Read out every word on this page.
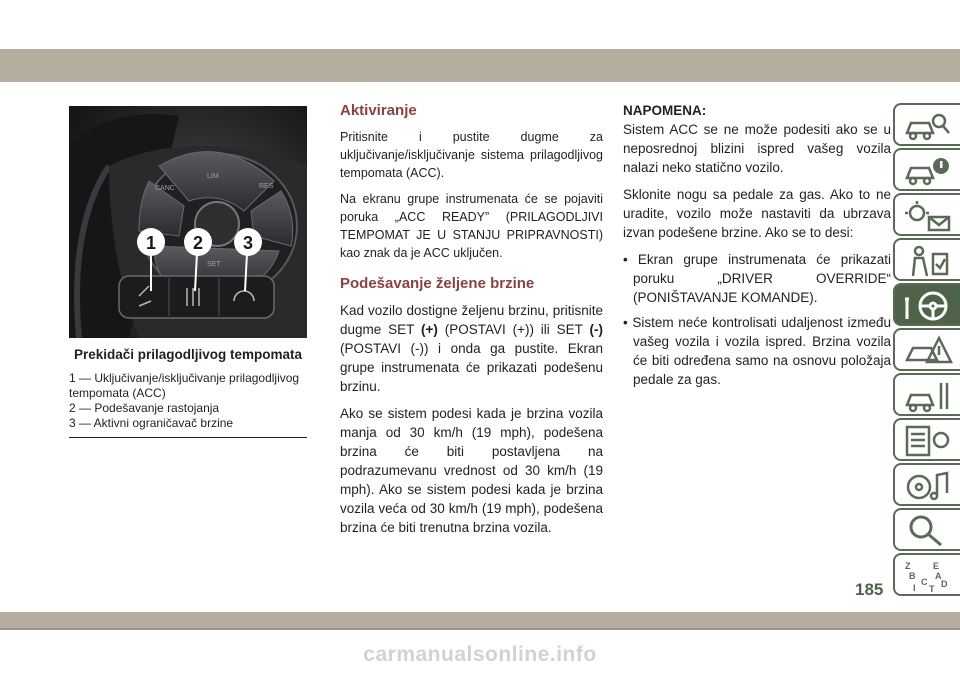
CANC	RES
LIM
SET
1 2 3
Prekidači prilagodljivog tempomata
1 — Uključivanje/isključivanje prilagodljivog tempomata (ACC)
2 — Podešavanje rastojanja
3 — Aktivni ograničavač brzine
Aktiviranje

Pritisnite i pustite dugme za uključivanje/isključivanje sistema prilagodljivog tempomata (ACC).

Na ekranu grupe instrumenata će se pojaviti poruka „ACC READY” (PRILAGODLJIVI TEMPOMAT JE U STANJU PRIPRAVNOSTI) kao znak da je ACC uključen.

Podešavanje željene brzine

Kad vozilo dostigne željenu brzinu, pritisnite dugme SET (+) (POSTAVI (+)) ili SET (-) (POSTAVI (-)) i onda ga pustite. Ekran grupe instrumenata će prikazati podešenu brzinu.

Ako se sistem podesi kada je brzina vozila manja od 30 km/h (19 mph), podešena brzina će biti postavljena na podrazumevanu vrednost od 30 km/h (19 mph). Ako se sistem podesi kada je brzina vozila veća od 30 km/h (19 mph), podešena brzina će biti trenutna brzina vozila.

NAPOMENA:

Sistem ACC se ne može podesiti ako se u neposrednoj blizini ispred vašeg vozila nalazi neko statično vozilo.

Sklonite nogu sa pedale za gas. Ako to ne uradite, vozilo može nastaviti da ubrzava izvan podešene brzine. Ako se to desi:

• Ekran grupe instrumenata će prikazati poruku „DRIVER OVERRIDE“ (PONIŠTAVANJE KOMANDE).

• Sistem neće kontrolisati udaljenost između vašeg vozila i vozila ispred. Brzina vozila će biti određena samo na osnovu položaja pedale za gas.

Z	E
B A
C D
I T
185
carmanualsonline.info
